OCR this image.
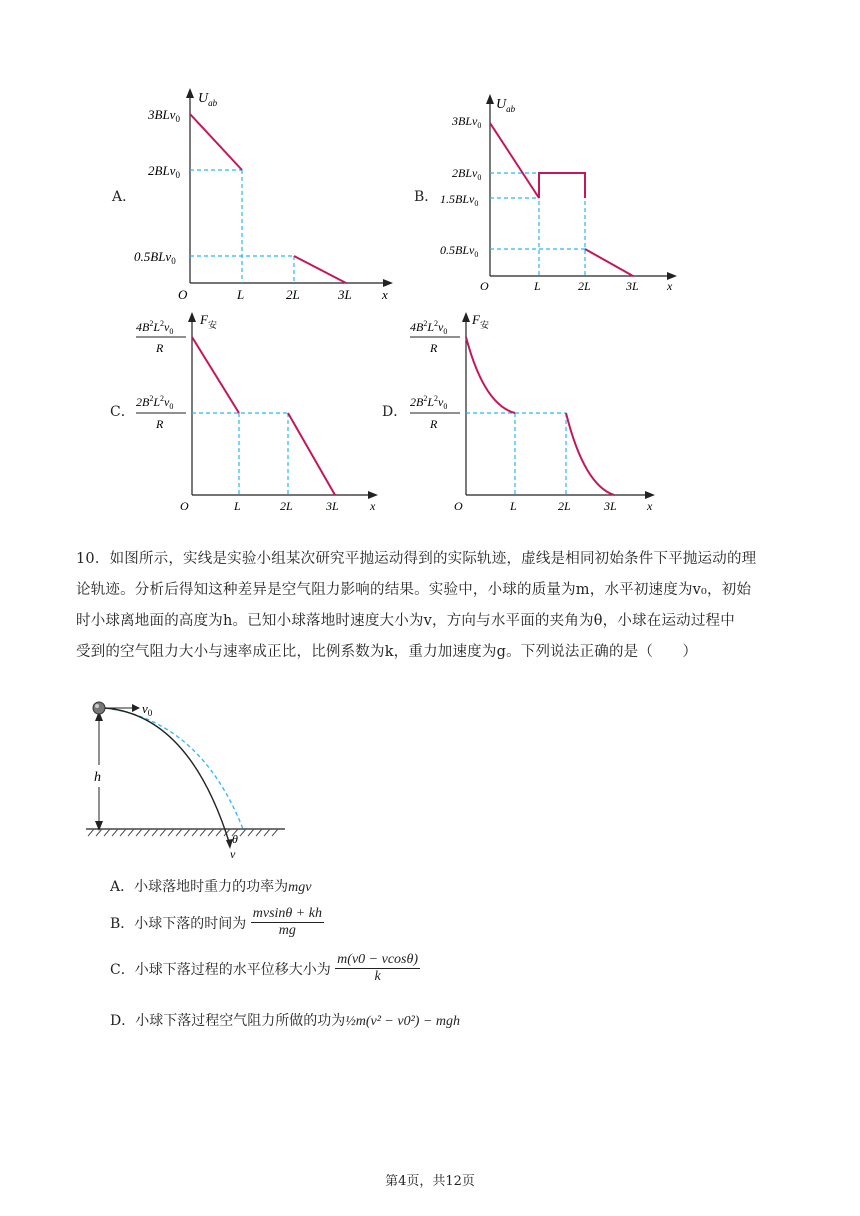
A．
$U_{ab}$
3BLv$_0$
2BLv$_0$
0.5BLv$_0$
O	L	2L	3L x
B．
$U_{ab}$
3BLv$_0$
2BLv$_0$
1.5BLv$_0$
0.5BLv$_0$
O	L	2L	3L x
C．
$F_安$
$4B^2L^2v_0$
R
$2B^2L^2v_0$
R
O	L	2L	3L	x
D．
$F_安$
$4B^2L^2v_0$
R
$2B^2L^2v_0$
R
O	L	2L	3L	x
10．如图所示，实线是实验小组某次研究平抛运动得到的实际轨迹，虚线是相同初始条件下平抛运动的理
论轨迹。分析后得知这种差异是空气阻力影响的结果。实验中，小球的质量为m，水平初速度为v₀，初始
时小球离地面的高度为h。已知小球落地时速度大小为v，方向与水平面的夹角为θ，小球在运动过程中
受到的空气阻力大小与速率成正比，比例系数为k，重力加速度为g。下列说法正确的是（　　）
h
$v_0$
θ
v
A．小球落地时重力的功率为mgv
B．小球下落的时间为 $\frac{mvsin\theta + kh}{mg}$
C．小球下落过程的水平位移大小为 $\frac{m(v0 - vcos\theta)}{k}$
D．小球下落过程空气阻力所做的功为½m(v² − v0²) − mgh
第4页，共12页
